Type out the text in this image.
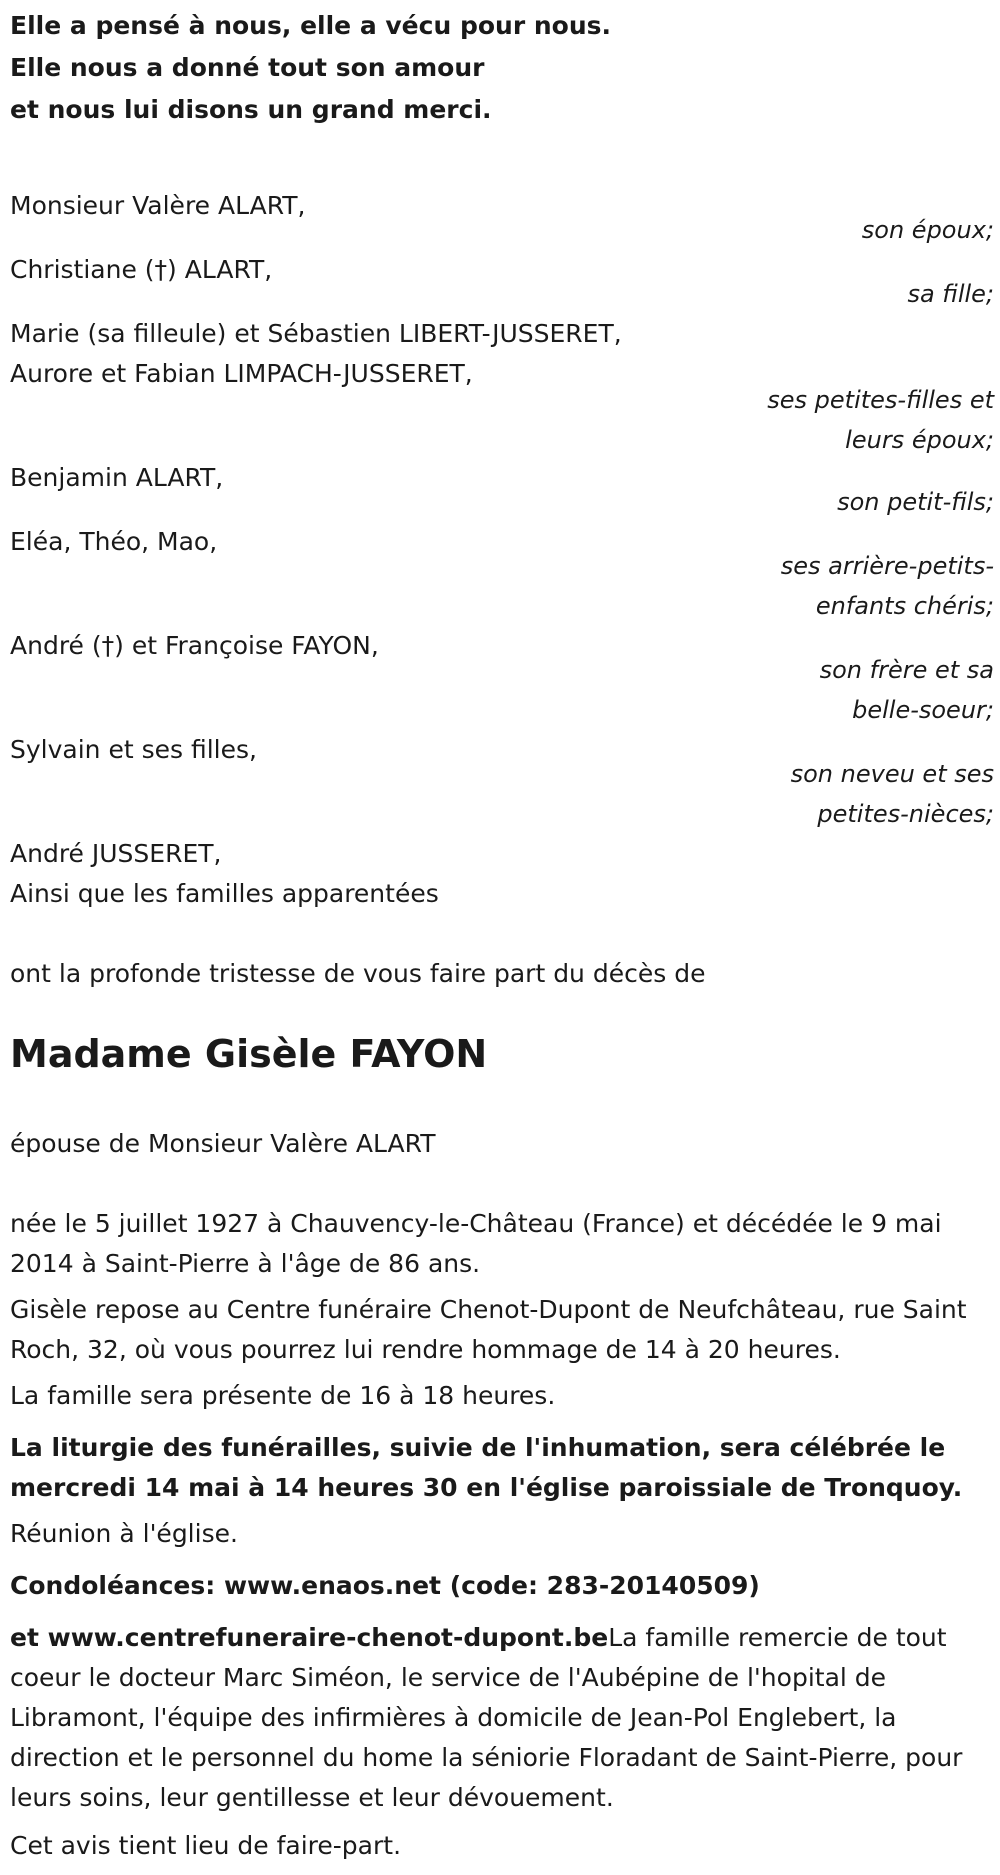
Elle a pensé à nous, elle a vécu pour nous.

Elle nous a donné tout son amour

et nous lui disons un grand merci.

Monsieur Valère ALART,

son époux;

Christiane (†) ALART,

sa fille;

Marie (sa filleule) et Sébastien LIBERT-JUSSERET,

Aurore et Fabian LIMPACH-JUSSERET,

ses petites-filles et

leurs époux;

Benjamin ALART,

son petit-fils;

Eléa, Théo, Mao,

ses arrière-petits-

enfants chéris;

André (†) et Françoise FAYON,

son frère et sa

belle-soeur;

Sylvain et ses filles,

son neveu et ses

petites-nièces;

André JUSSERET,

Ainsi que les familles apparentées

ont la profonde tristesse de vous faire part du décès de

Madame Gisèle FAYON

épouse de Monsieur Valère ALART

née le 5 juillet 1927 à Chauvency-le-Château (France) et décédée le 9 mai 2014 à Saint-Pierre à l'âge de 86 ans.

Gisèle repose au Centre funéraire Chenot-Dupont de Neufchâteau, rue Saint Roch, 32, où vous pourrez lui rendre hommage de 14 à 20 heures.

La famille sera présente de 16 à 18 heures.

La liturgie des funérailles, suivie de l'inhumation, sera célébrée le mercredi 14 mai à 14 heures 30 en l'église paroissiale de Tronquoy.

Réunion à l'église.

Condoléances: www.enaos.net (code: 283-20140509)

et www.centrefuneraire-chenot-dupont.beLa famille remercie de tout coeur le docteur Marc Siméon, le service de l'Aubépine de l'hopital de Libramont, l'équipe des infirmières à domicile de Jean-Pol Englebert, la direction et le personnel du home la séniorie Floradant de Saint-Pierre, pour leurs soins, leur gentillesse et leur dévouement.

Cet avis tient lieu de faire-part.
